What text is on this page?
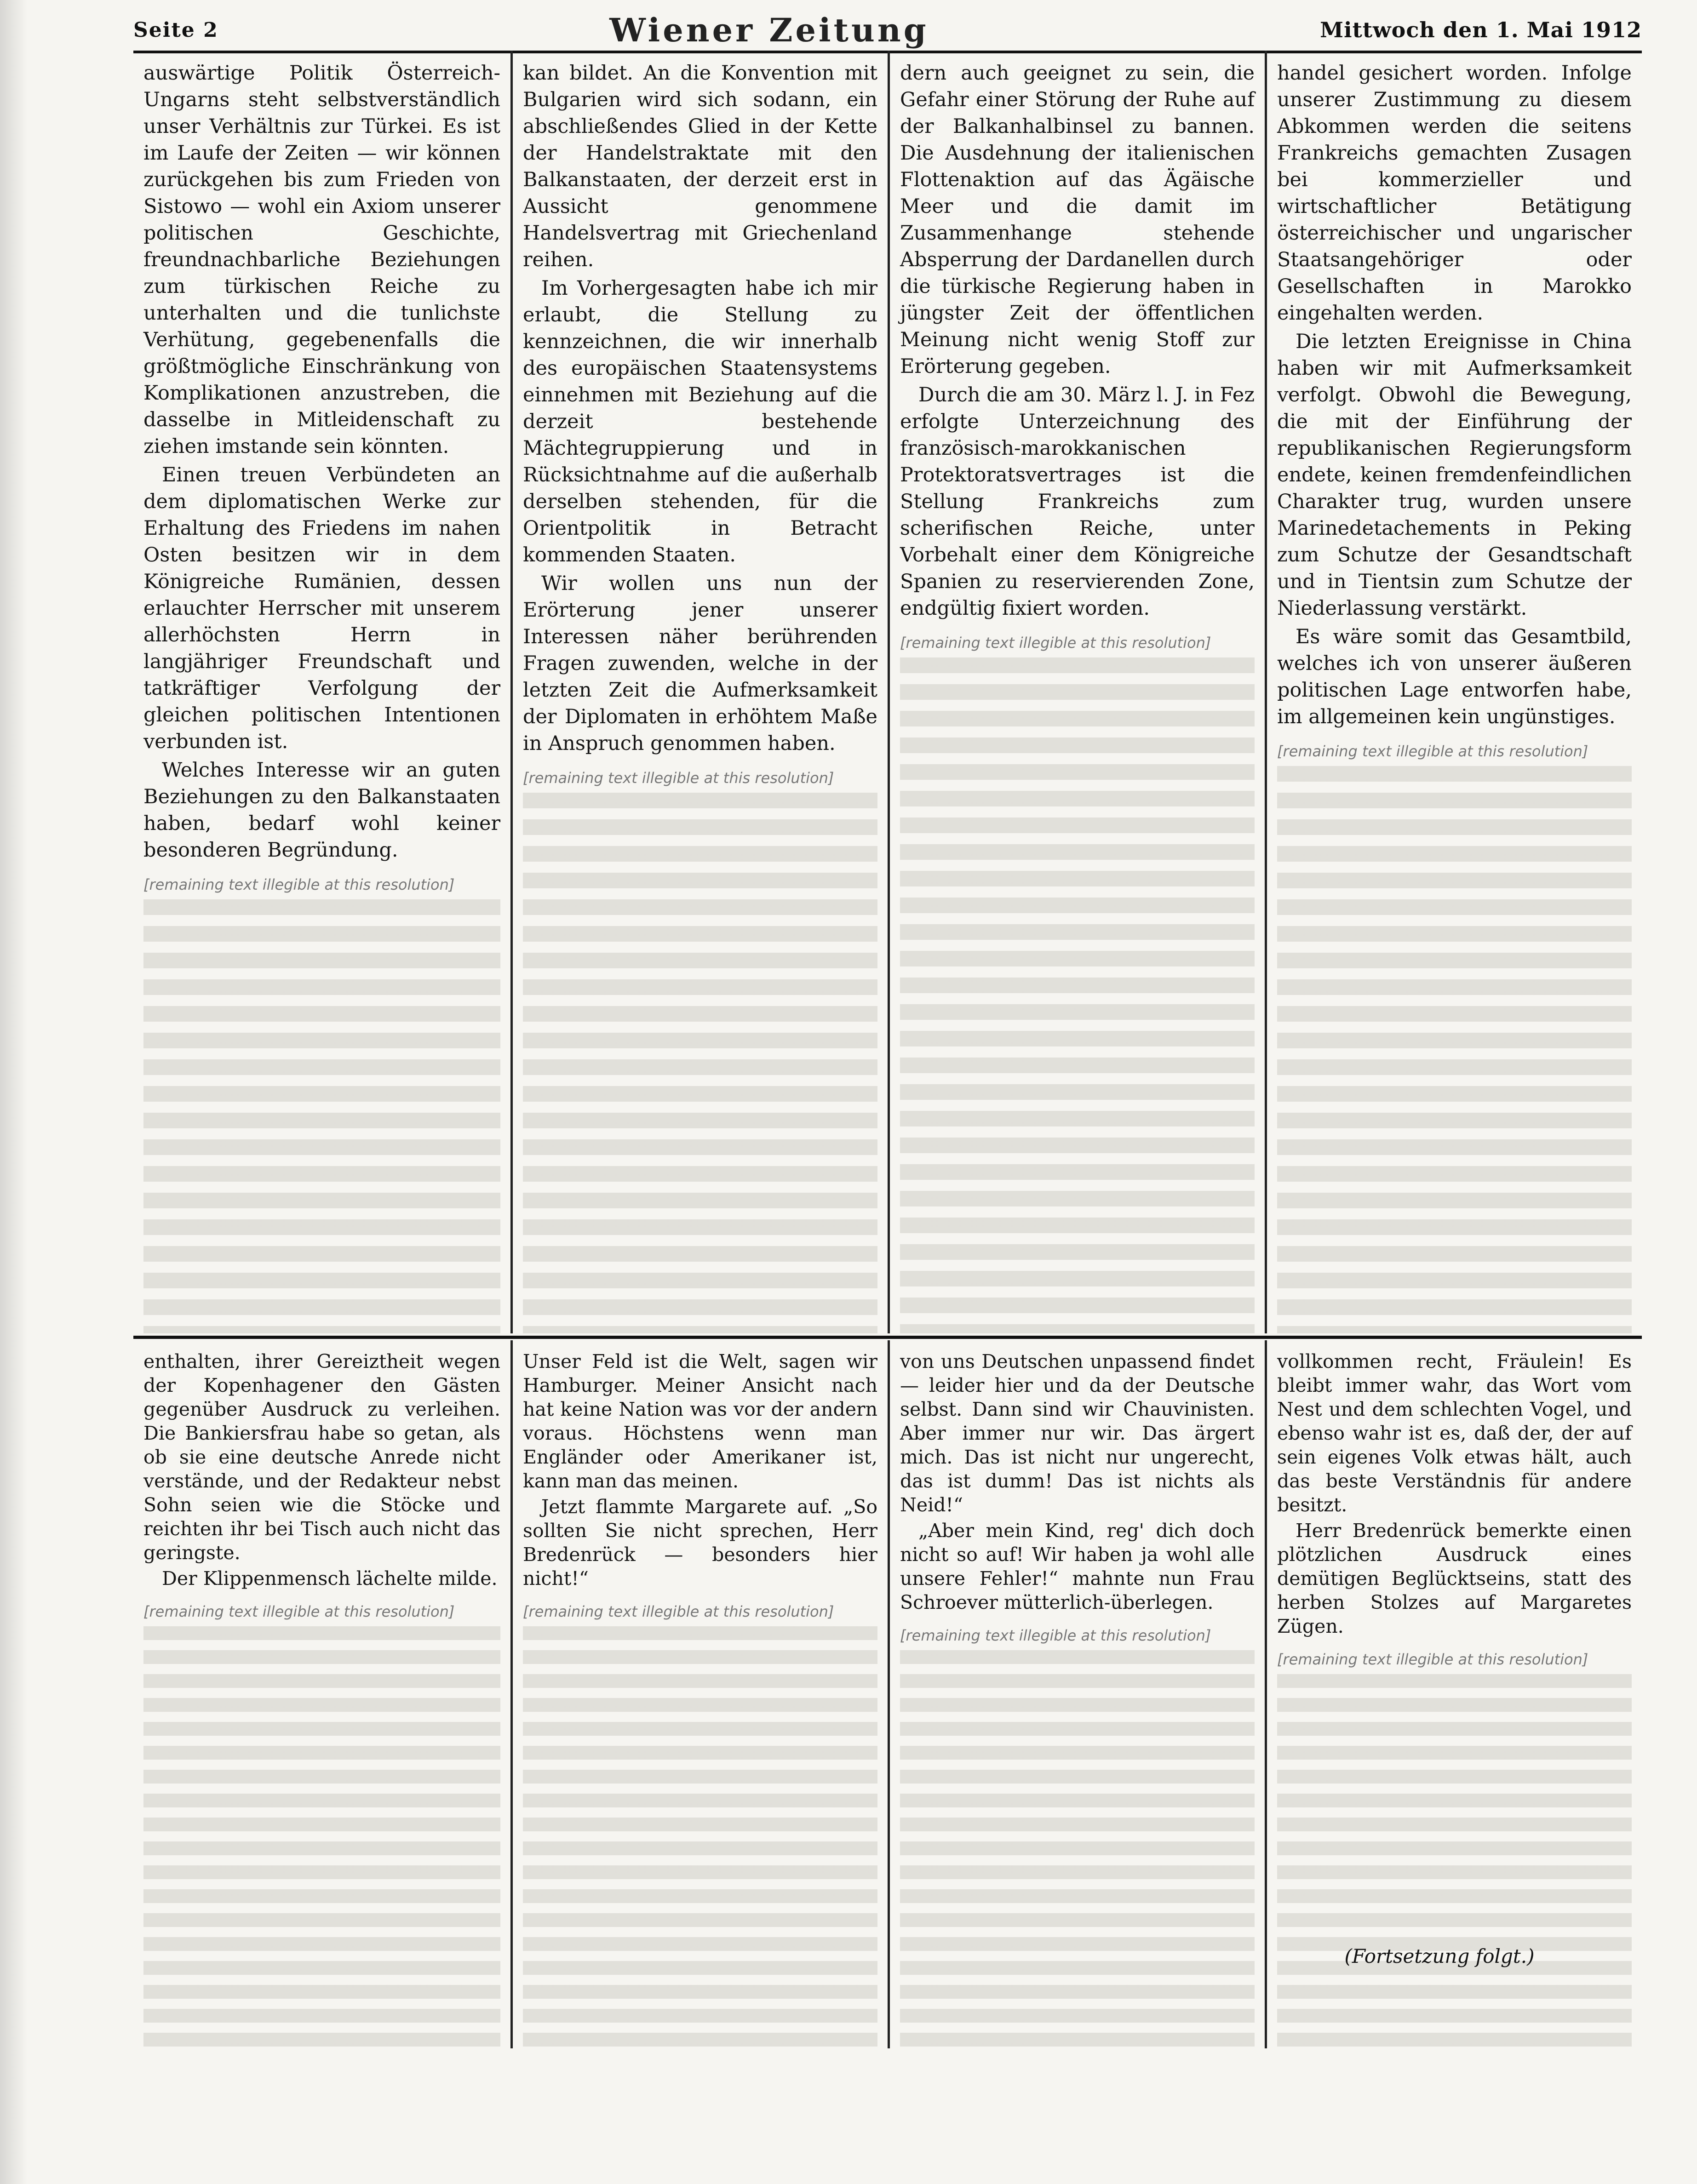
Seite 2	Wiener Zeitung	Mittwoch den 1. Mai 1912

auswärtige Politik Österreich-Ungarns steht selbstverständlich unser Verhältnis zur Türkei. Es ist im Laufe der Zeiten — wir können zurückgehen bis zum Frieden von Sistowo — wohl ein Axiom unserer politischen Geschichte, freundnachbarliche Beziehungen zum türkischen Reiche zu unterhalten und die tunlichste Verhütung, gegebenenfalls die größtmögliche Einschränkung von Komplikationen anzustreben, die dasselbe in Mitleidenschaft zu ziehen imstande sein könnten.

Einen treuen Verbündeten an dem diplomatischen Werke zur Erhaltung des Friedens im nahen Osten besitzen wir in dem Königreiche Rumänien, dessen erlauchter Herrscher mit unserem allerhöchsten Herrn in langjähriger Freundschaft und tatkräftiger Verfolgung der gleichen politischen Intentionen verbunden ist.

Welches Interesse wir an guten Beziehungen zu den Balkanstaaten haben, bedarf wohl keiner besonderen Begründung.

[remaining text illegible at this resolution]

kan bildet. An die Konvention mit Bulgarien wird sich sodann, ein abschließendes Glied in der Kette der Handelstraktate mit den Balkanstaaten, der derzeit erst in Aussicht genommene Handelsvertrag mit Griechenland reihen.

Im Vorhergesagten habe ich mir erlaubt, die Stellung zu kennzeichnen, die wir innerhalb des europäischen Staatensystems einnehmen mit Beziehung auf die derzeit bestehende Mächtegruppierung und in Rücksichtnahme auf die außerhalb derselben stehenden, für die Orientpolitik in Betracht kommenden Staaten.

Wir wollen uns nun der Erörterung jener unserer Interessen näher berührenden Fragen zuwenden, welche in der letzten Zeit die Aufmerksamkeit der Diplomaten in erhöhtem Maße in Anspruch genommen haben.

[remaining text illegible at this resolution]

dern auch geeignet zu sein, die Gefahr einer Störung der Ruhe auf der Balkanhalbinsel zu bannen. Die Ausdehnung der italienischen Flottenaktion auf das Ägäische Meer und die damit im Zusammenhange stehende Absperrung der Dardanellen durch die türkische Regierung haben in jüngster Zeit der öffentlichen Meinung nicht wenig Stoff zur Erörterung gegeben.

Durch die am 30. März l. J. in Fez erfolgte Unterzeichnung des französisch-marokkanischen Protektoratsvertrages ist die Stellung Frankreichs zum scherifischen Reiche, unter Vorbehalt einer dem Königreiche Spanien zu reservierenden Zone, endgültig fixiert worden.

[remaining text illegible at this resolution]

handel gesichert worden. Infolge unserer Zustimmung zu diesem Abkommen werden die seitens Frankreichs gemachten Zusagen bei kommerzieller und wirtschaftlicher Betätigung österreichischer und ungarischer Staatsangehöriger oder Gesellschaften in Marokko eingehalten werden.

Die letzten Ereignisse in China haben wir mit Aufmerksamkeit verfolgt. Obwohl die Bewegung, die mit der Einführung der republikanischen Regierungsform endete, keinen fremdenfeindlichen Charakter trug, wurden unsere Marinedetachements in Peking zum Schutze der Gesandtschaft und in Tientsin zum Schutze der Niederlassung verstärkt.

Es wäre somit das Gesamtbild, welches ich von unserer äußeren politischen Lage entworfen habe, im allgemeinen kein ungünstiges.

[remaining text illegible at this resolution]

enthalten, ihrer Gereiztheit wegen der Kopenhagener den Gästen gegenüber Ausdruck zu verleihen. Die Bankiersfrau habe so getan, als ob sie eine deutsche Anrede nicht verstände, und der Redakteur nebst Sohn seien wie die Stöcke und reichten ihr bei Tisch auch nicht das geringste.

Der Klippenmensch lächelte milde.

[remaining text illegible at this resolution]

Unser Feld ist die Welt, sagen wir Hamburger. Meiner Ansicht nach hat keine Nation was vor der andern voraus. Höchstens wenn man Engländer oder Amerikaner ist, kann man das meinen.

Jetzt flammte Margarete auf. „So sollten Sie nicht sprechen, Herr Bredenrück — besonders hier nicht!“

[remaining text illegible at this resolution]

von uns Deutschen unpassend findet — leider hier und da der Deutsche selbst. Dann sind wir Chauvinisten. Aber immer nur wir. Das ärgert mich. Das ist nicht nur ungerecht, das ist dumm! Das ist nichts als Neid!“

„Aber mein Kind, reg' dich doch nicht so auf! Wir haben ja wohl alle unsere Fehler!“ mahnte nun Frau Schroever mütterlich-überlegen.

[remaining text illegible at this resolution]

vollkommen recht, Fräulein! Es bleibt immer wahr, das Wort vom Nest und dem schlechten Vogel, und ebenso wahr ist es, daß der, der auf sein eigenes Volk etwas hält, auch das beste Verständnis für andere besitzt.

Herr Bredenrück bemerkte einen plötzlichen Ausdruck eines demütigen Beglücktseins, statt des herben Stolzes auf Margaretes Zügen.

[remaining text illegible at this resolution]
(Fortsetzung folgt.)
